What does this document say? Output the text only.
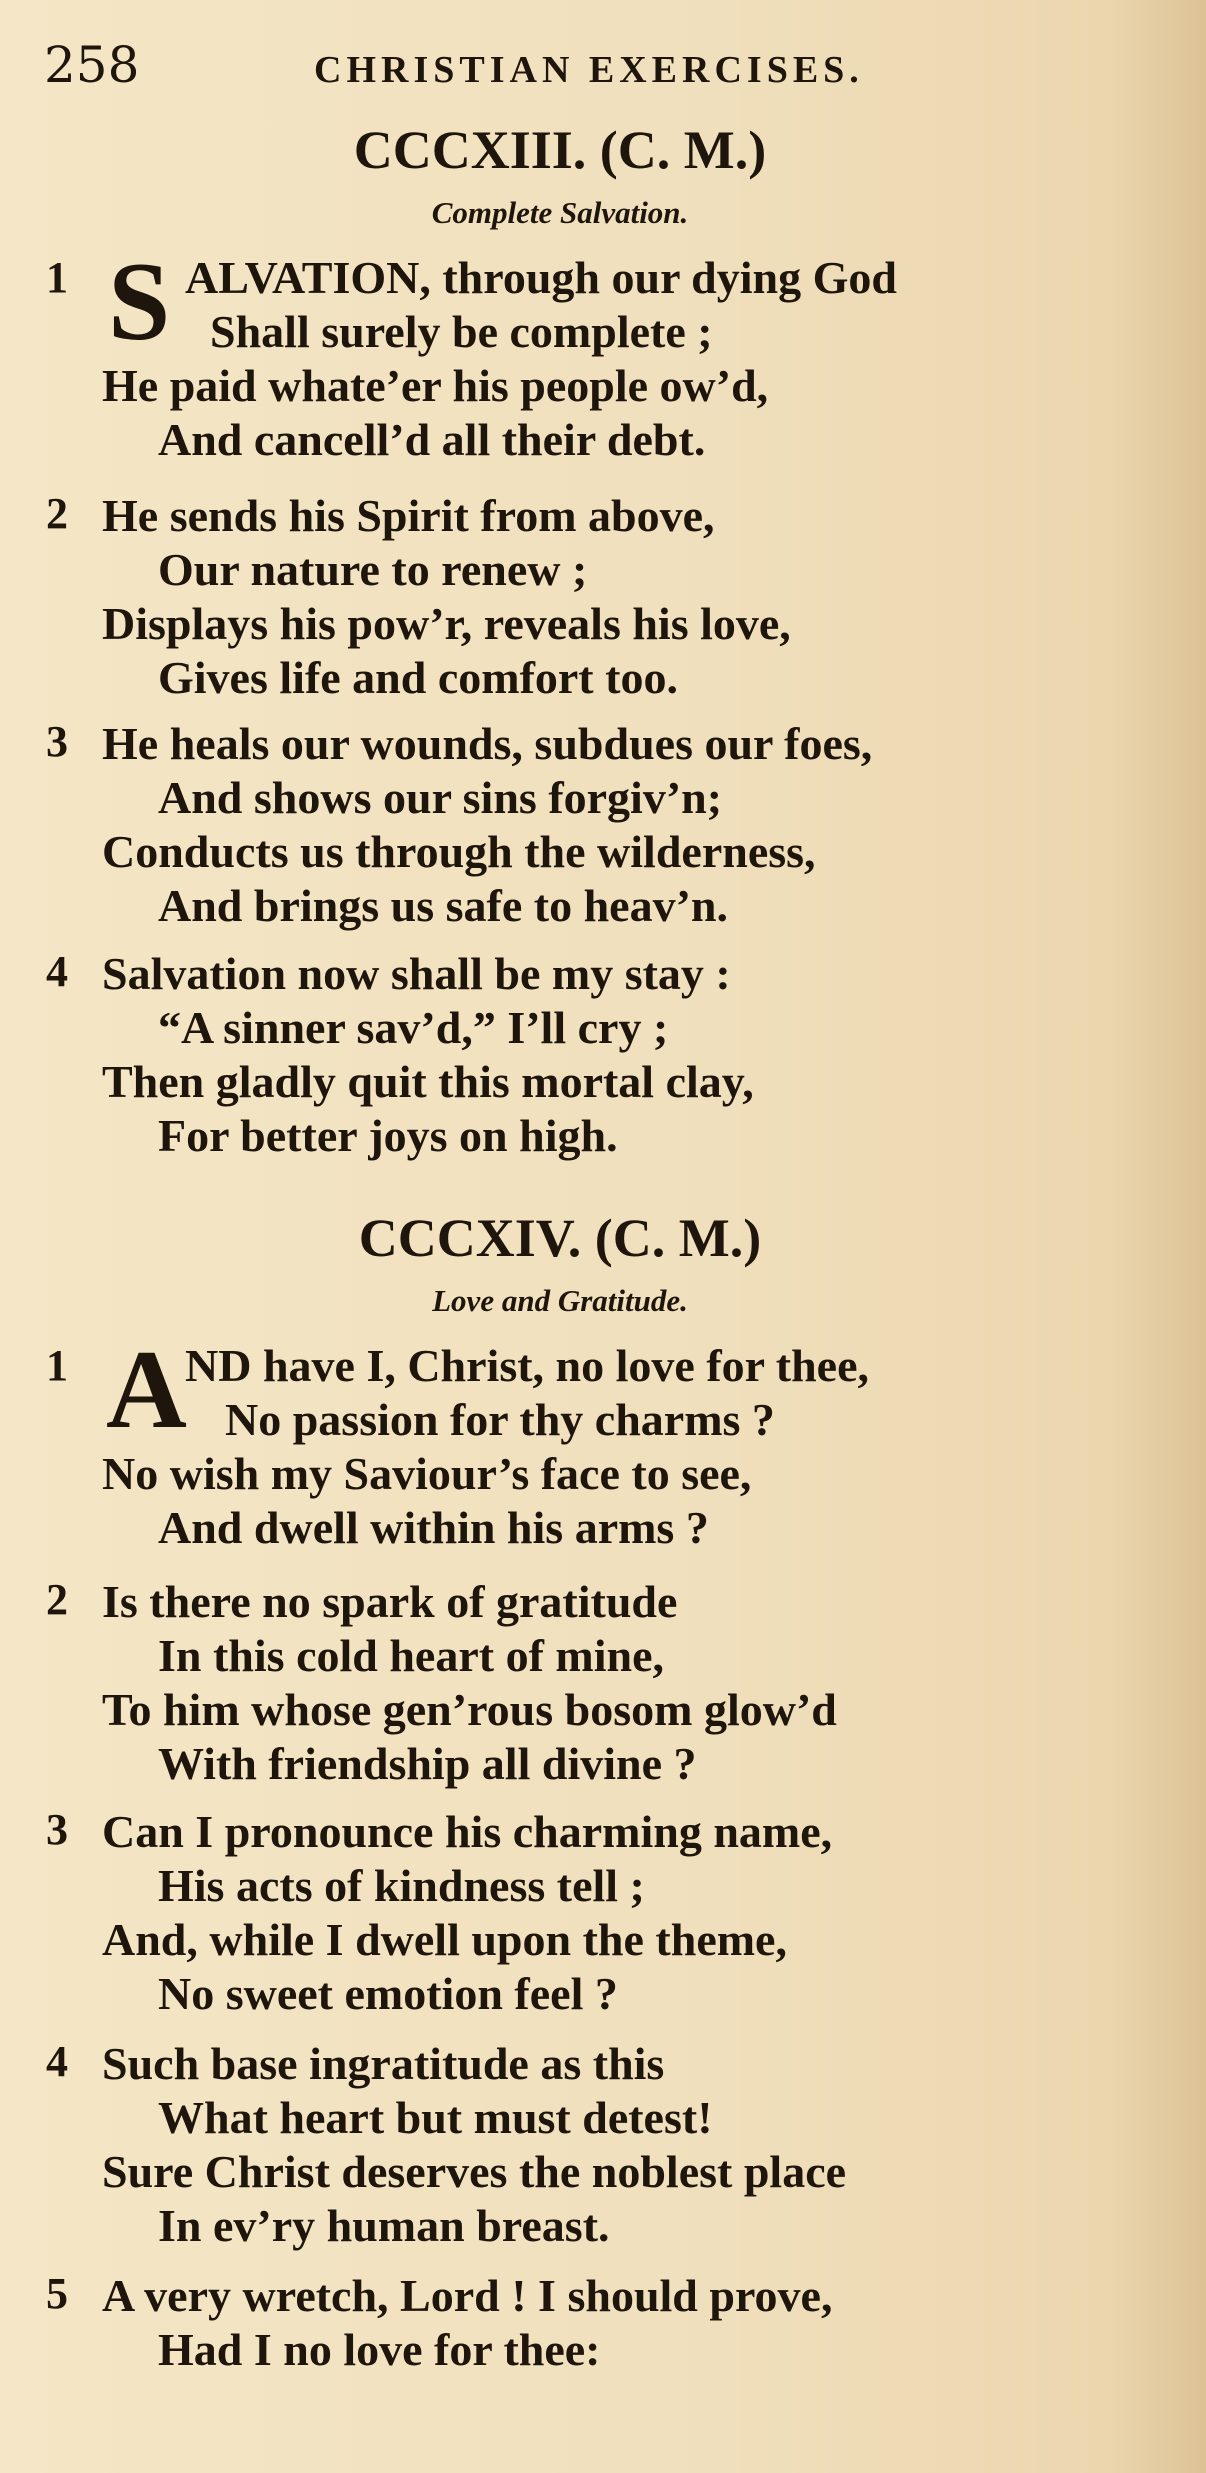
258	CHRISTIAN EXERCISES.
CCCXIII. (C. M.)
Complete Salvation.
1 S ALVATION, through our dying God
Shall surely be complete ;
He paid whate’er his people ow’d,
And cancell’d all their debt.
2 He sends his Spirit from above,
Our nature to renew ;
Displays his pow’r, reveals his love,
Gives life and comfort too.
3 He heals our wounds, subdues our foes,
And shows our sins forgiv’n;
Conducts us through the wilderness,
And brings us safe to heav’n.
4 Salvation now shall be my stay :
“A sinner sav’d,” I’ll cry ;
Then gladly quit this mortal clay,
For better joys on high.
CCCXIV. (C. M.)
Love and Gratitude.
1 A
ND have I, Christ, no love for thee,
No passion for thy charms ?
No wish my Saviour’s face to see,
And dwell within his arms ?
2 Is there no spark of gratitude
In this cold heart of mine,
To him whose gen’rous bosom glow’d
With friendship all divine ?
3 Can I pronounce his charming name,
His acts of kindness tell ;
And, while I dwell upon the theme,
No sweet emotion feel ?
4 Such base ingratitude as this
What heart but must detest!
Sure Christ deserves the noblest place
In ev’ry human breast.
5 A very wretch, Lord ! I should prove,
Had I no love for thee:
